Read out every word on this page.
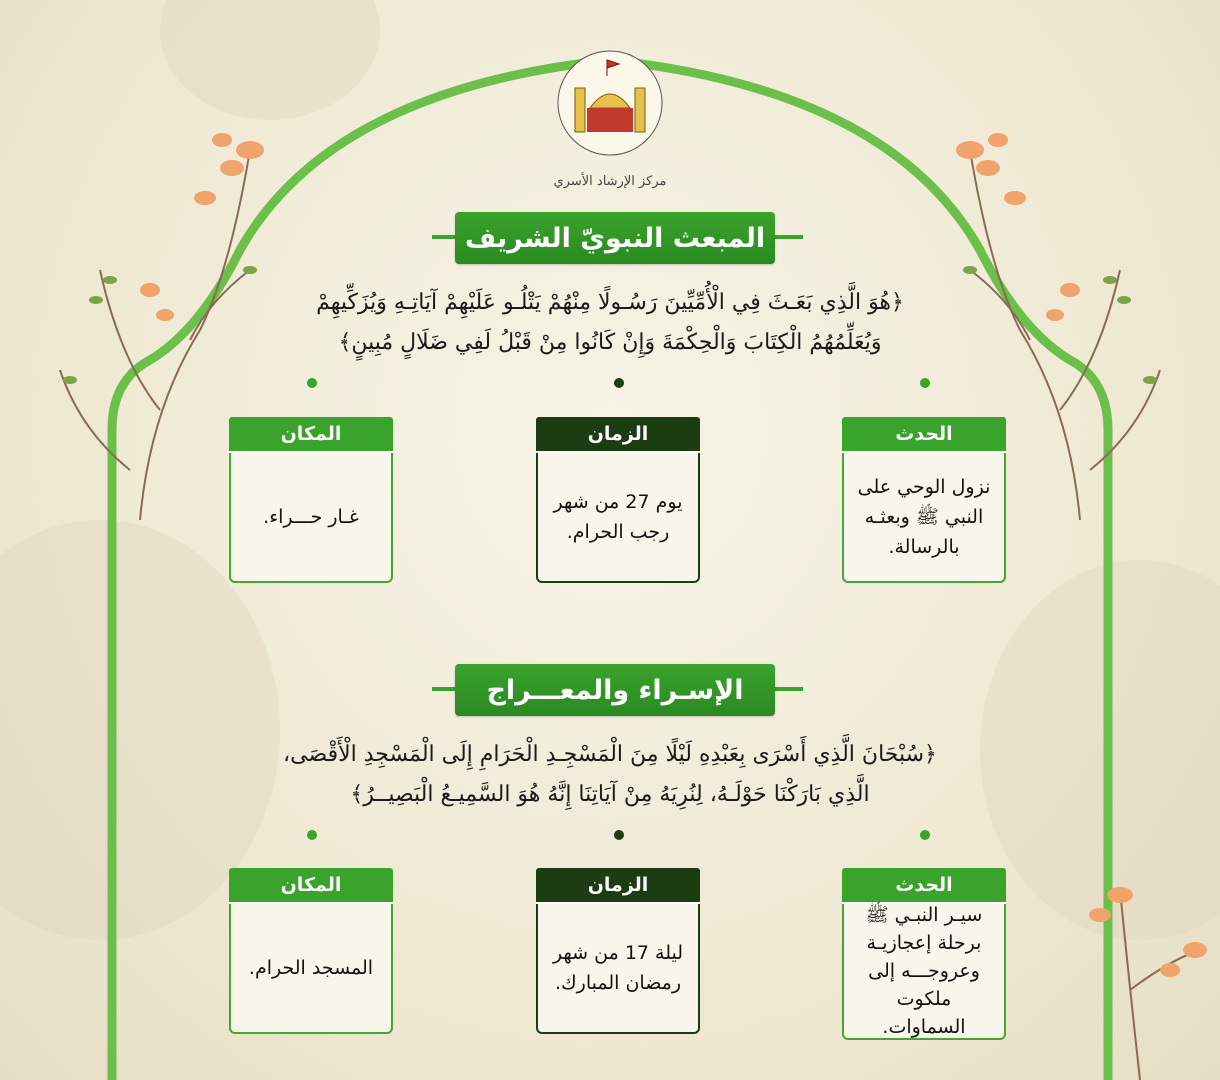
مركز الإرشاد الأسري
المبعث النبويّ الشريف
﴿هُوَ الَّذِي بَعَـثَ فِي الْأُمِّيِّينَ رَسُـولًا مِنْهُمْ يَتْلُـو عَلَيْهِمْ آيَاتِـهِ وَيُزَكِّيهِمْ
وَيُعَلِّمُهُمُ الْكِتَابَ وَالْحِكْمَةَ وَإِنْ كَانُوا مِنْ قَبْلُ لَفِي ضَلَالٍ مُبِينٍ﴾
الحدث
نزول الوحي على النبي ﷺ وبعثـه بالرسالة.
الزمان
يوم 27 من شهر رجب الحرام.
المكان
غـار حـــراء.
الإسـراء والمعـــراج
﴿سُبْحَانَ الَّذِي أَسْرَى بِعَبْدِهِ لَيْلًا مِنَ الْمَسْجِـدِ الْحَرَامِ إِلَى الْمَسْجِدِ الْأَقْصَى،
الَّذِي بَارَكْنَا حَوْلَـهُ، لِنُرِيَهُ مِنْ آيَاتِنَا إِنَّهُ هُوَ السَّمِيـعُ الْبَصِيــرُ﴾
الحدث
سيـر النبـي ﷺ برحلة إعجازيـة وعروجـــه إلى ملكوت السماوات.
الزمان
ليلة 17 من شهر رمضان المبارك.
المكان
المسجد الحرام.
